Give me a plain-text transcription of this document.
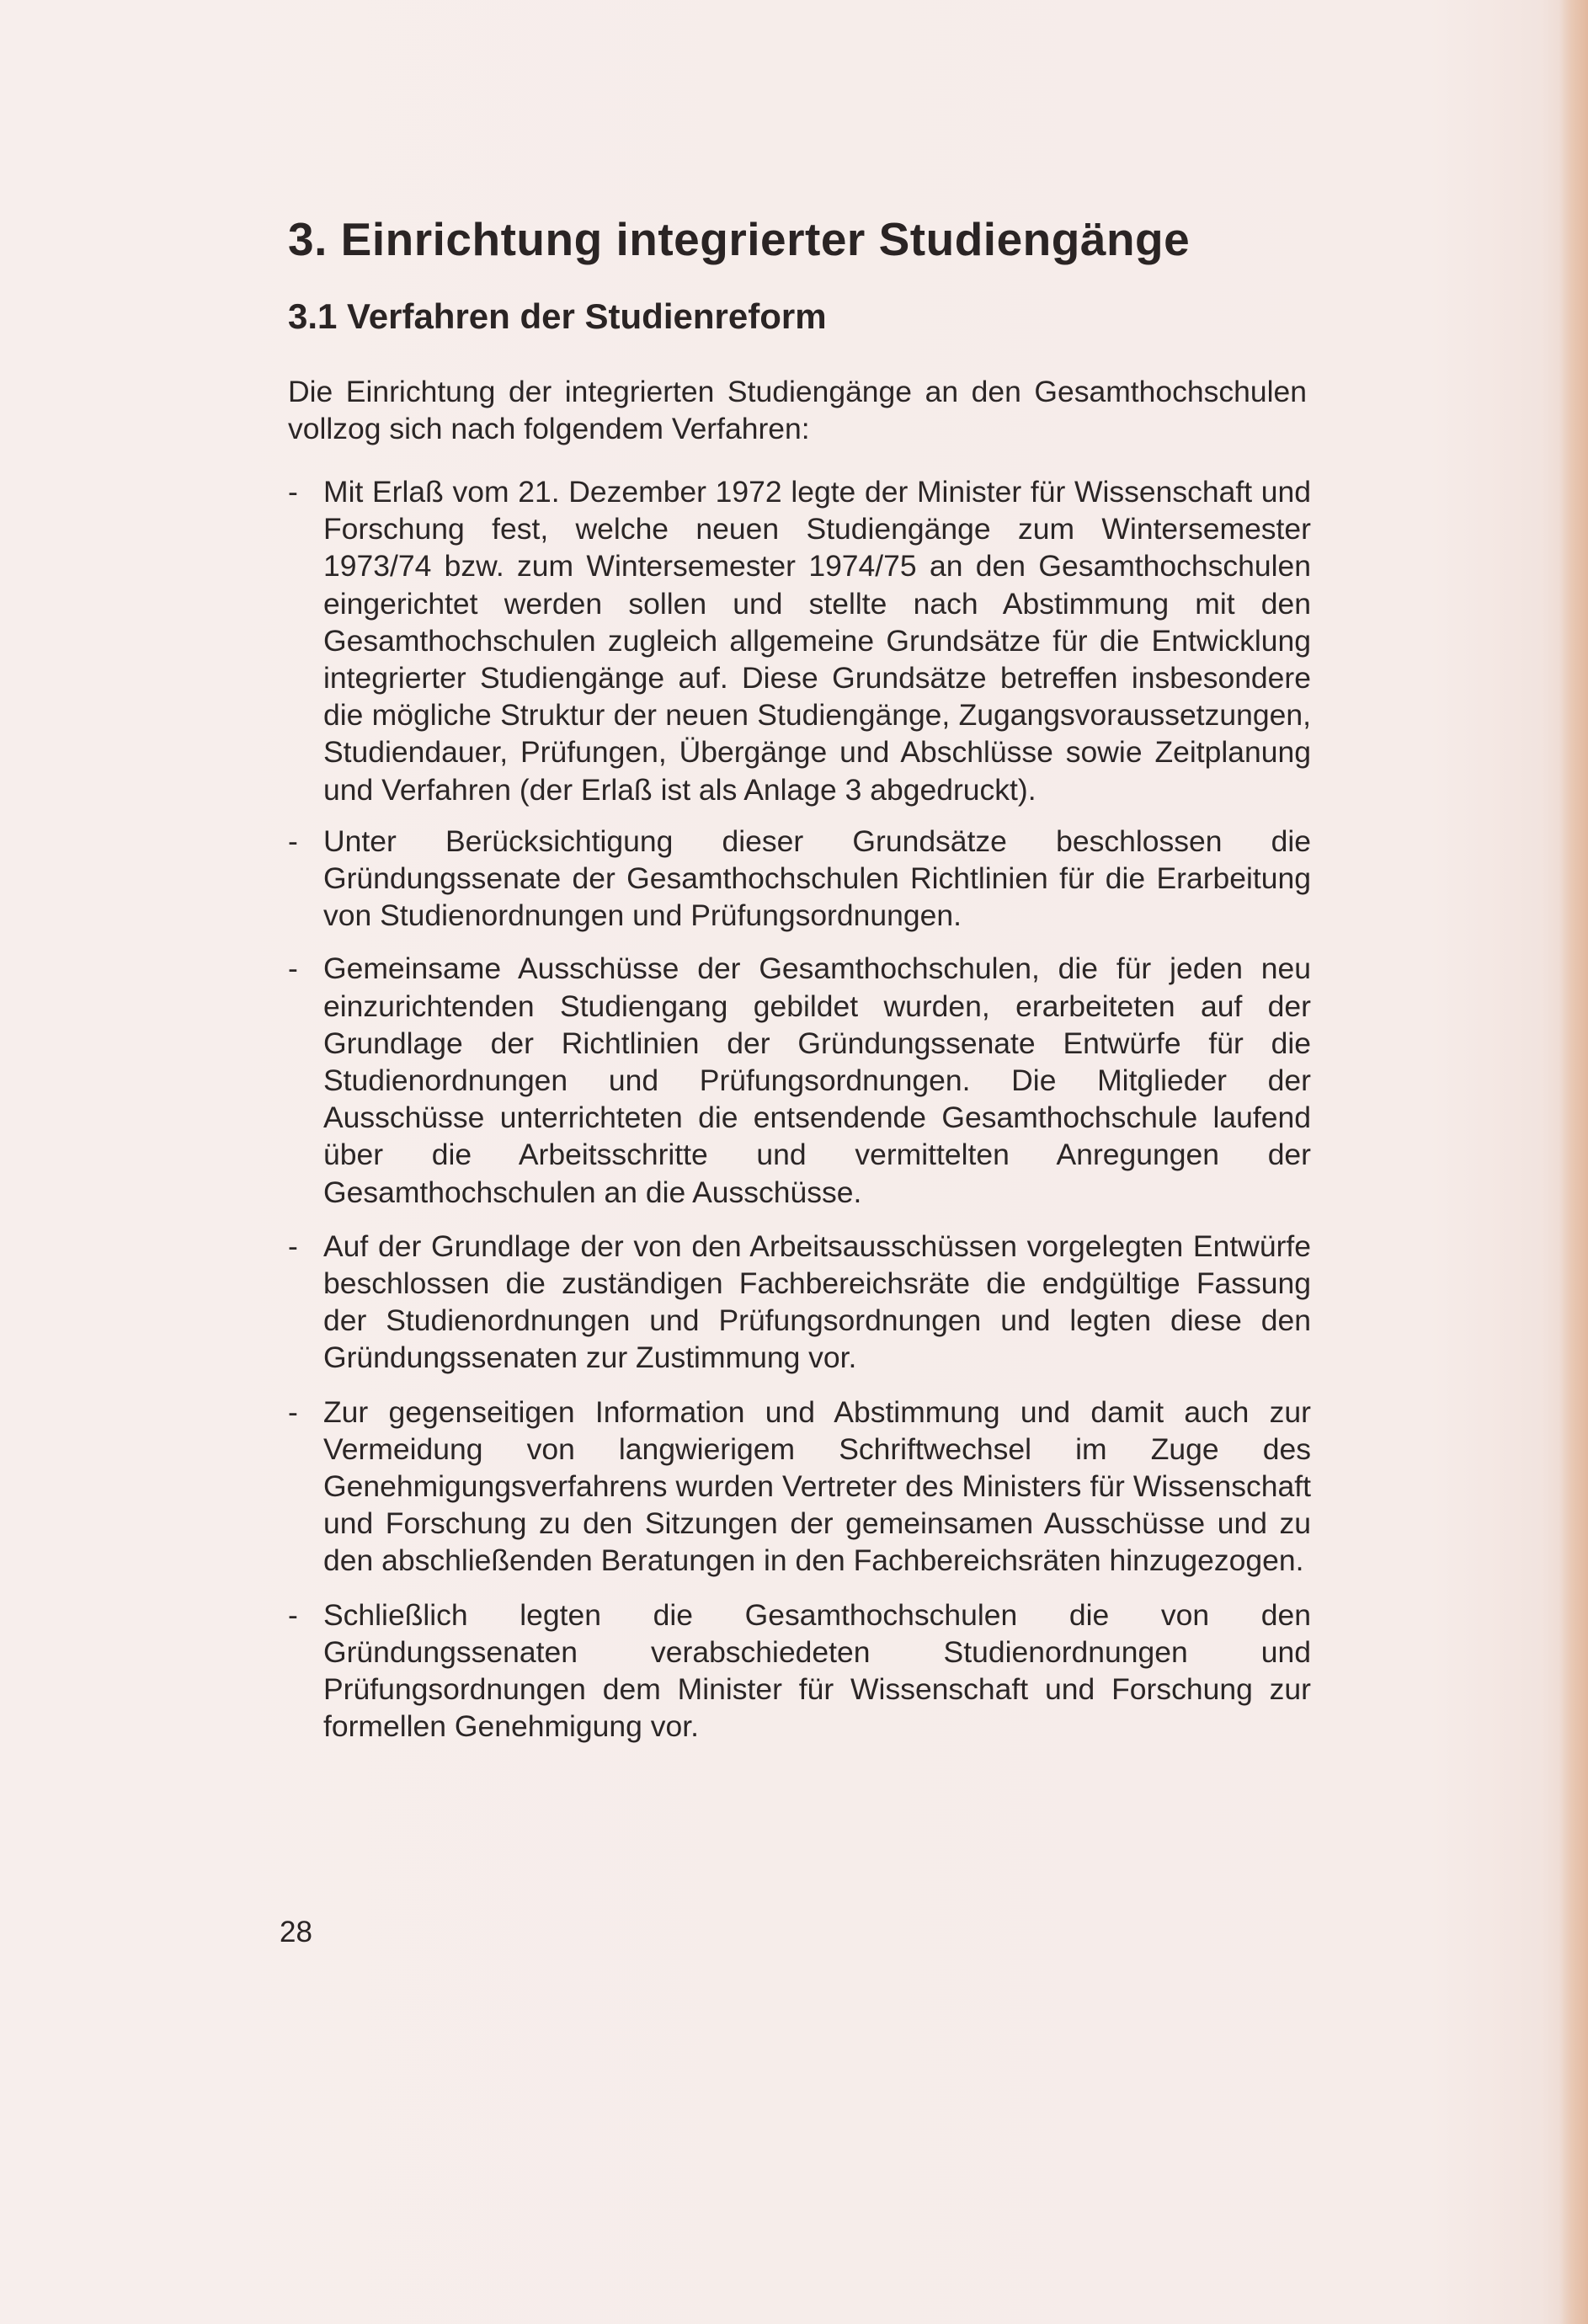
3. Einrichtung integrierter Studiengänge
3.1 Verfahren der Studienreform

Die Einrichtung der integrierten Studiengänge an den Gesamthochschulen vollzog sich nach folgendem Verfahren:

- Mit Erlaß vom 21. Dezember 1972 legte der Minister für Wissenschaft und Forschung fest, welche neuen Studiengänge zum Wintersemester 1973/74 bzw. zum Wintersemester 1974/75 an den Gesamthochschulen eingerichtet werden sollen und stellte nach Abstimmung mit den Gesamthochschulen zugleich allgemeine Grundsätze für die Entwicklung integrierter Studiengänge auf. Diese Grundsätze betreffen insbesondere die mögliche Struktur der neuen Studiengänge, Zugangsvoraussetzungen, Studiendauer, Prüfungen, Übergänge und Abschlüsse sowie Zeitplanung und Verfahren (der Erlaß ist als Anlage 3 abgedruckt).
- Unter Berücksichtigung dieser Grundsätze beschlossen die Gründungssenate der Gesamthochschulen Richtlinien für die Erarbeitung von Studienordnungen und Prüfungsordnungen.
- Gemeinsame Ausschüsse der Gesamthochschulen, die für jeden neu einzurichtenden Studiengang gebildet wurden, erarbeiteten auf der Grundlage der Richtlinien der Gründungssenate Entwürfe für die Studienordnungen und Prüfungsordnungen. Die Mitglieder der Ausschüsse unterrichteten die entsendende Gesamthochschule laufend über die Arbeitsschritte und vermittelten Anregungen der Gesamthochschulen an die Ausschüsse.
- Auf der Grundlage der von den Arbeitsausschüssen vorgelegten Entwürfe beschlossen die zuständigen Fachbereichsräte die endgültige Fassung der Studienordnungen und Prüfungsordnungen und legten diese den Gründungssenaten zur Zustimmung vor.
- Zur gegenseitigen Information und Abstimmung und damit auch zur Vermeidung von langwierigem Schriftwechsel im Zuge des Genehmigungsverfahrens wurden Vertreter des Ministers für Wissenschaft und Forschung zu den Sitzungen der gemeinsamen Ausschüsse und zu den abschließenden Beratungen in den Fachbereichsräten hinzugezogen.
- Schließlich legten die Gesamthochschulen die von den Gründungssenaten verabschiedeten Studienordnungen und Prüfungsordnungen dem Minister für Wissenschaft und Forschung zur formellen Genehmigung vor.
28
